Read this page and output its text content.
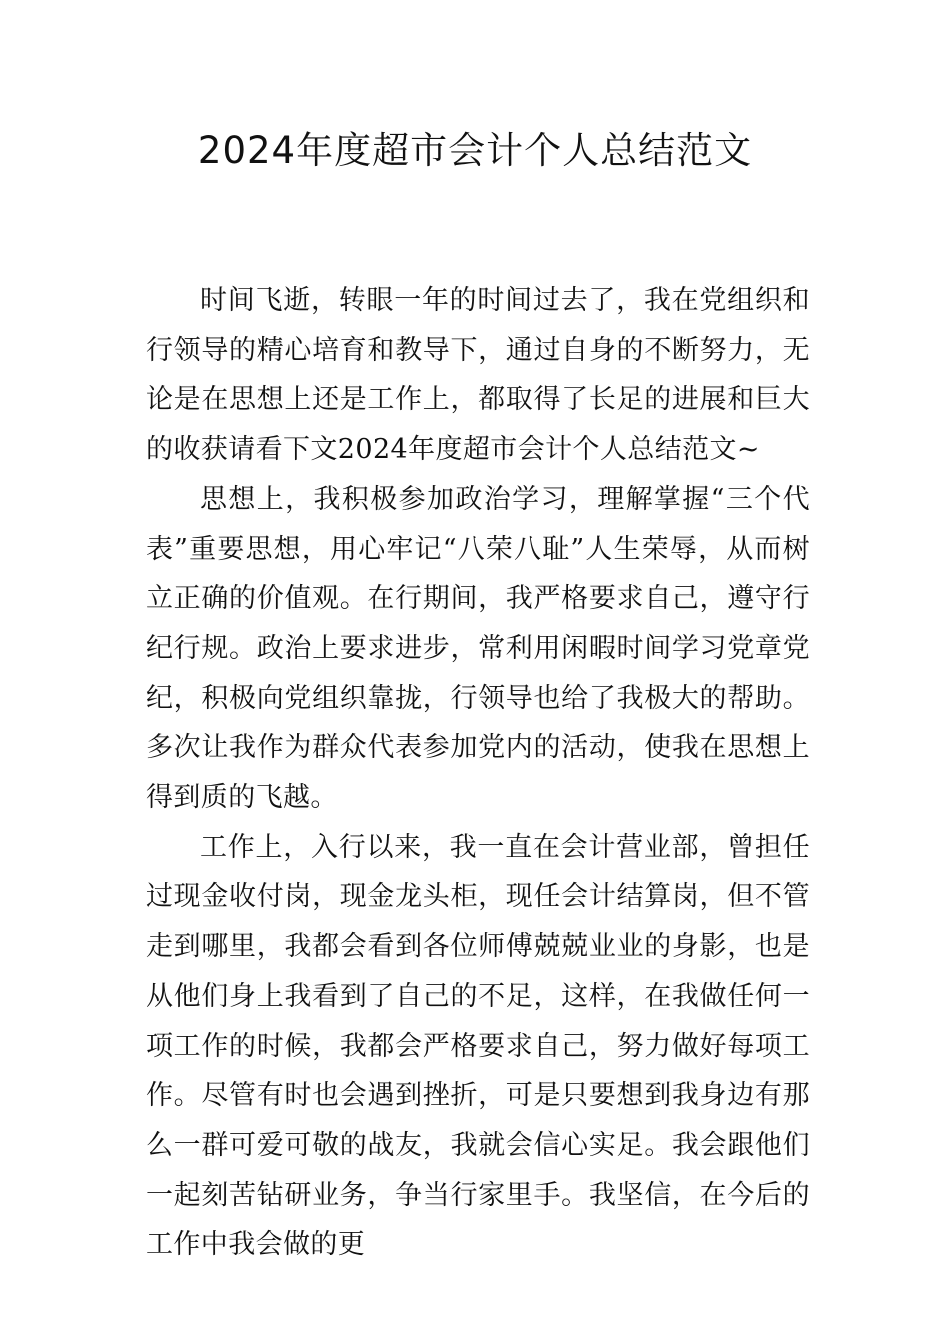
2024年度超市会计个人总结范文

时间飞逝，转眼一年的时间过去了，我在党组织和行领导的精心培育和教导下，通过自身的不断努力，无论是在思想上还是工作上，都取得了长足的进展和巨大的收获请看下文2024年度超市会计个人总结范文~

思想上，我积极参加政治学习，理解掌握“三个代表”重要思想，用心牢记“八荣八耻”人生荣辱，从而树立正确的价值观。在行期间，我严格要求自己，遵守行纪行规。政治上要求进步，常利用闲暇时间学习党章党纪，积极向党组织靠拢，行领导也给了我极大的帮助。多次让我作为群众代表参加党内的活动，使我在思想上得到质的飞越。

工作上，入行以来，我一直在会计营业部，曾担任过现金收付岗，现金龙头柜，现任会计结算岗，但不管走到哪里，我都会看到各位师傅兢兢业业的身影，也是从他们身上我看到了自己的不足，这样，在我做任何一项工作的时候，我都会严格要求自己，努力做好每项工作。尽管有时也会遇到挫折，可是只要想到我身边有那么一群可爱可敬的战友，我就会信心实足。我会跟他们一起刻苦钻研业务，争当行家里手。我坚信，在今后的工作中我会做的更
